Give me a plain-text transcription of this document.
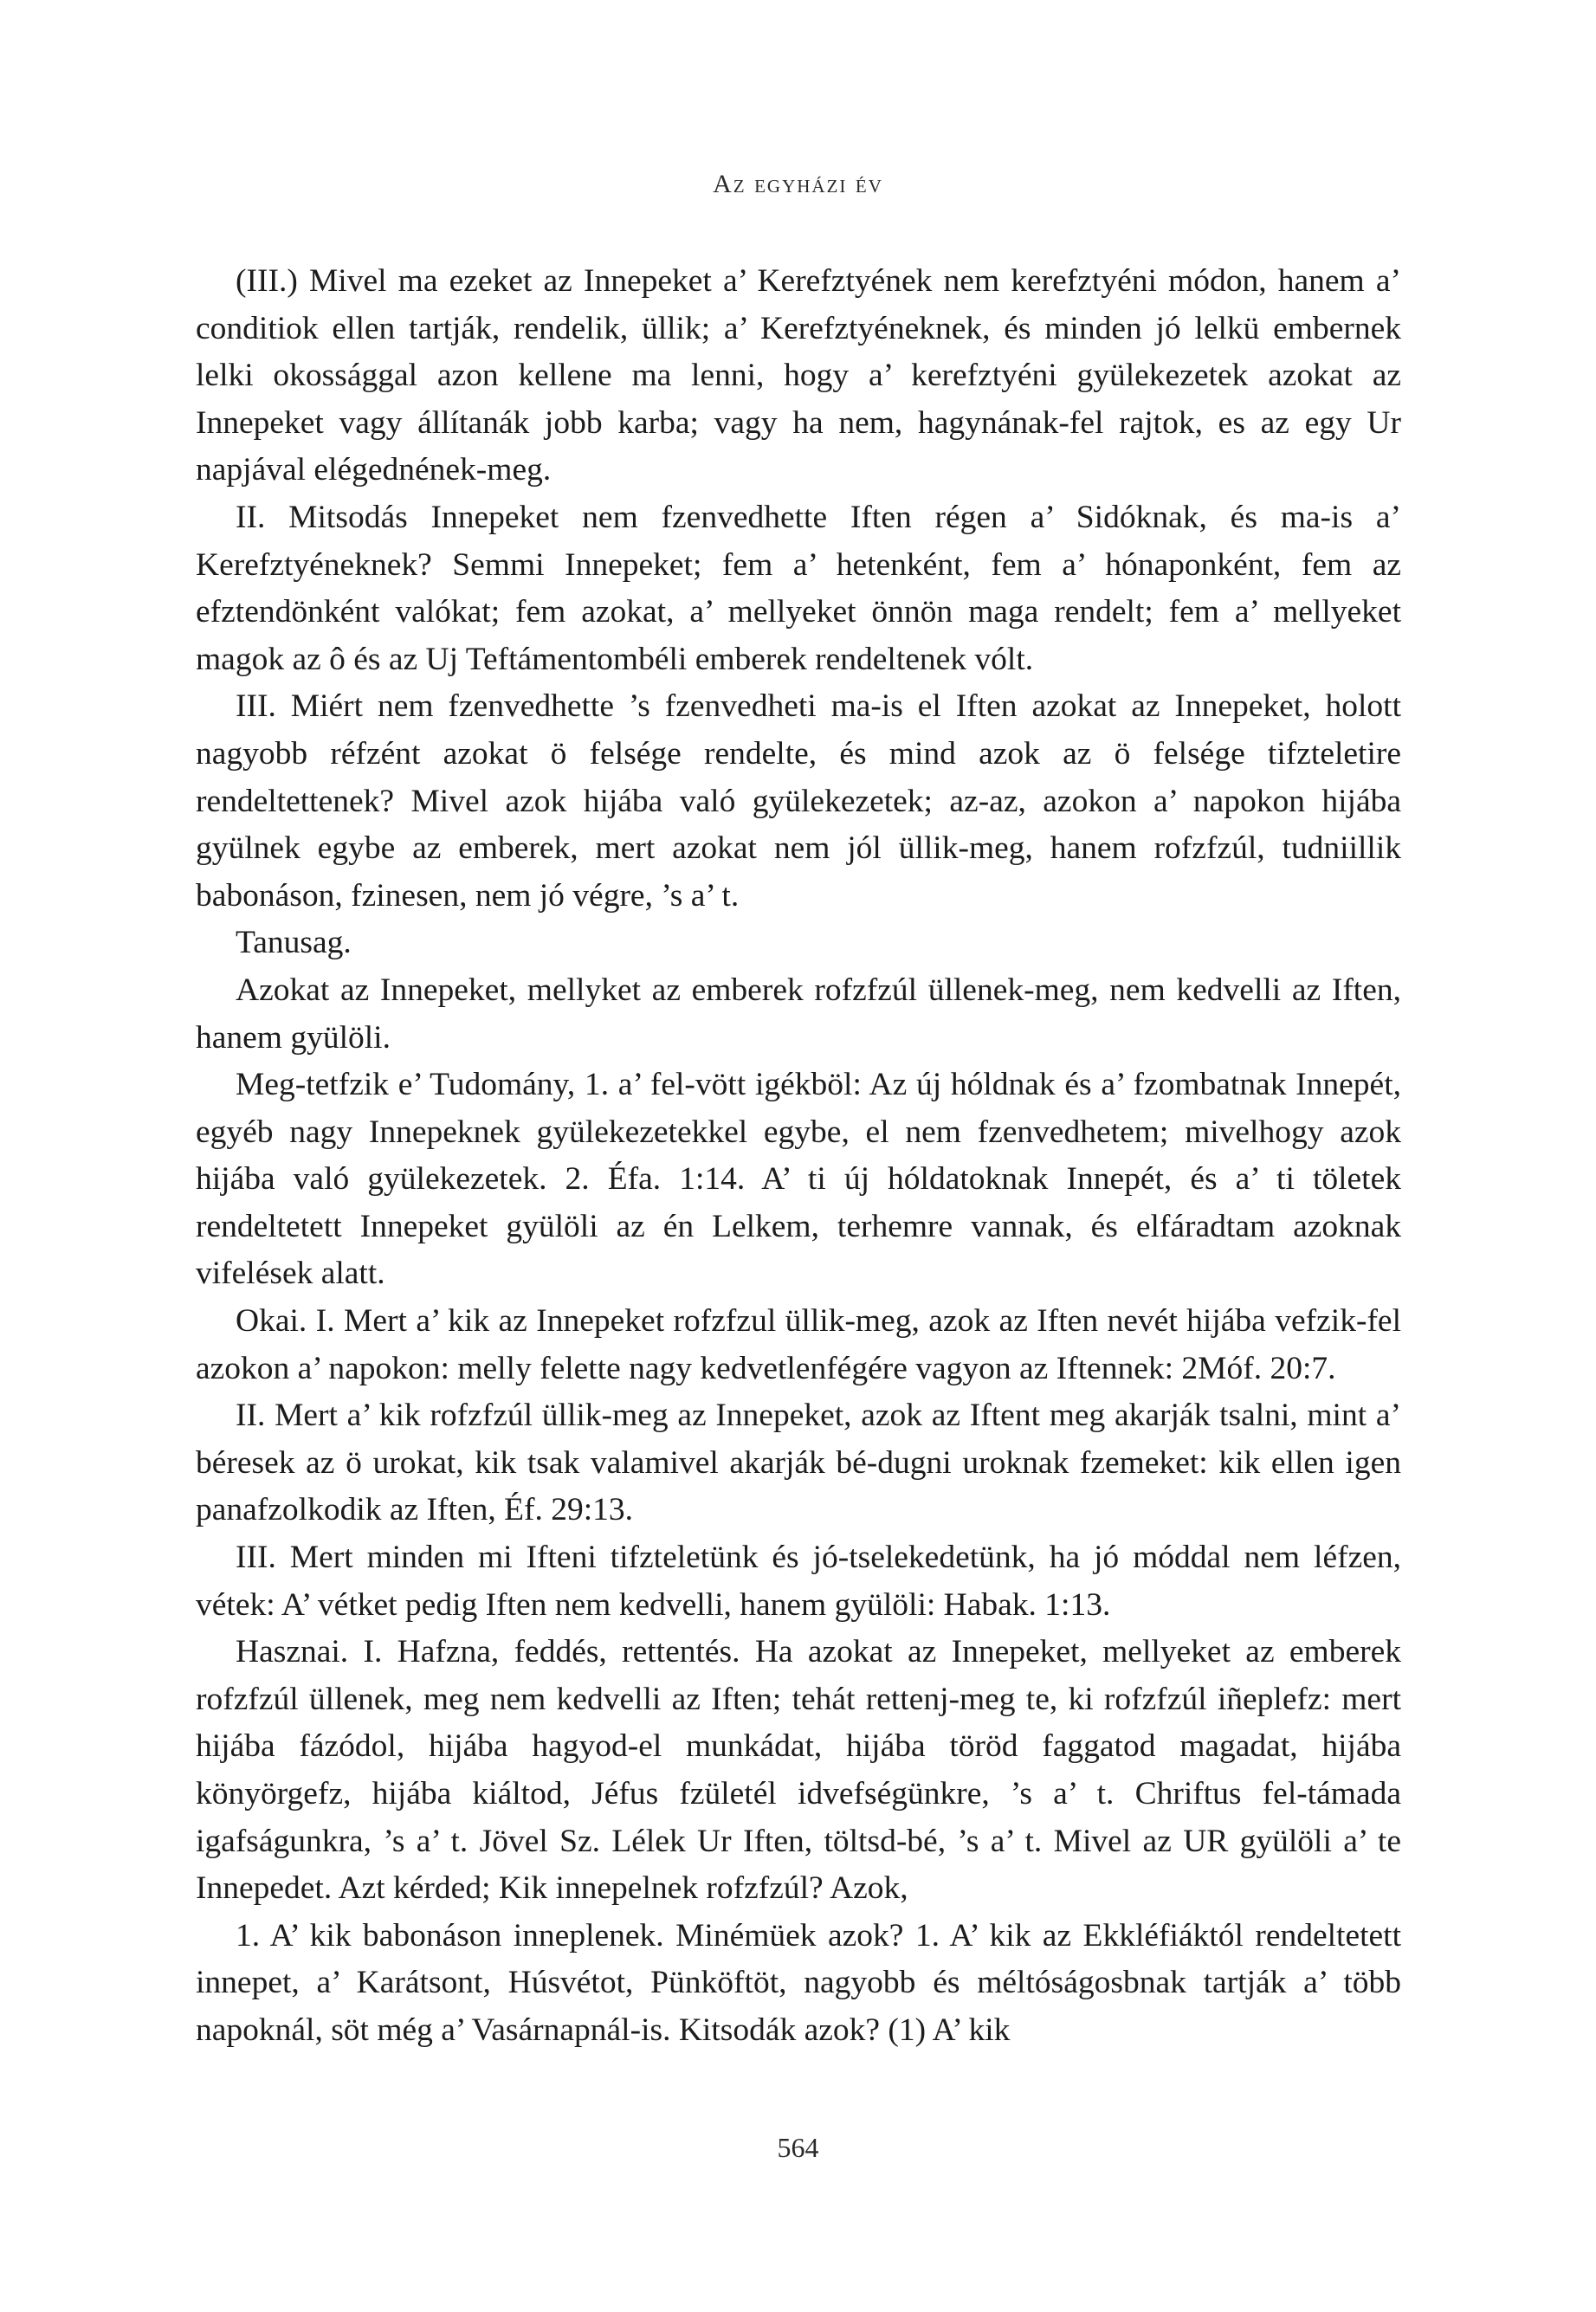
Az egyházi év

(III.) Mivel ma ezeket az Innepeket a’ Kerefztyének nem kerefztyéni módon, hanem a’ conditiok ellen tartják, rendelik, üllik; a’ Kerefztyéneknek, és minden jó lelkü embernek lelki okossággal azon kellene ma lenni, hogy a’ kerefztyéni gyülekezetek azokat az Innepeket vagy állítanák jobb karba; vagy ha nem, hagynának-fel rajtok, es az egy Ur napjával elégednének-meg.

II. Mitsodás Innepeket nem fzenvedhette Iften régen a’ Sidóknak, és ma-is a’ Kerefztyéneknek? Semmi Innepeket; fem a’ hetenként, fem a’ hónaponként, fem az efztendönként valókat; fem azokat, a’ mellyeket önnön maga rendelt; fem a’ mellyeket magok az ô és az Uj Teftámentombéli emberek rendeltenek vólt.

III. Miért nem fzenvedhette ’s fzenvedheti ma-is el Iften azokat az Innepeket, holott nagyobb réfzént azokat ö felsége rendelte, és mind azok az ö felsége tifzteletire rendeltettenek? Mivel azok hijába való gyülekezetek; az-az, azokon a’ napokon hijába gyülnek egybe az emberek, mert azokat nem jól üllik-meg, hanem rofzfzúl, tudniillik babonáson, fzinesen, nem jó végre, ’s a’ t.

Tanusag.

Azokat az Innepeket, mellyket az emberek rofzfzúl üllenek-meg, nem kedvelli az Iften, hanem gyülöli.

Meg-tetfzik e’ Tudomány, 1. a’ fel-vött igékböl: Az új hóldnak és a’ fzombatnak Innepét, egyéb nagy Innepeknek gyülekezetekkel egybe, el nem fzenvedhetem; mivelhogy azok hijába való gyülekezetek. 2. Éfa. 1:14. A’ ti új hóldatoknak Innepét, és a’ ti töletek rendeltetett Innepeket gyülöli az én Lelkem, terhemre vannak, és elfáradtam azoknak vifelések alatt.

Okai. I. Mert a’ kik az Innepeket rofzfzul üllik-meg, azok az Iften nevét hijába vefzik-fel azokon a’ napokon: melly felette nagy kedvetlenfégére vagyon az Iftennek: 2Móf. 20:7.

II. Mert a’ kik rofzfzúl üllik-meg az Innepeket, azok az Iftent meg akarják tsalni, mint a’ béresek az ö urokat, kik tsak valamivel akarják bé-dugni uroknak fzemeket: kik ellen igen panafzolkodik az Iften, Éf. 29:13.

III. Mert minden mi Ifteni tifzteletünk és jó-tselekedetünk, ha jó móddal nem léfzen, vétek: A’ vétket pedig Iften nem kedvelli, hanem gyülöli: Habak. 1:13.

Hasznai. I. Hafzna, feddés, rettentés. Ha azokat az Innepeket, mellyeket az emberek rofzfzúl üllenek, meg nem kedvelli az Iften; tehát rettenj-meg te, ki rofzfzúl iñeplefz: mert hijába fázódol, hijába hagyod-el munkádat, hijába töröd faggatod magadat, hijába könyörgefz, hijába kiáltod, Jéfus fzületél idvefségünkre, ’s a’ t. Chriftus fel-támada igafságunkra, ’s a’ t. Jövel Sz. Lélek Ur Iften, töltsd-bé, ’s a’ t. Mivel az UR gyülöli a’ te Innepedet. Azt kérded; Kik innepelnek rofzfzúl? Azok,

1. A’ kik babonáson inneplenek. Minémüek azok? 1. A’ kik az Ekkléfiáktól rendeltetett innepet, a’ Karátsont, Húsvétot, Pünköftöt, nagyobb és méltóságosbnak tartják a’ több napoknál, söt még a’ Vasárnapnál-is. Kitsodák azok? (1) A’ kik

564
